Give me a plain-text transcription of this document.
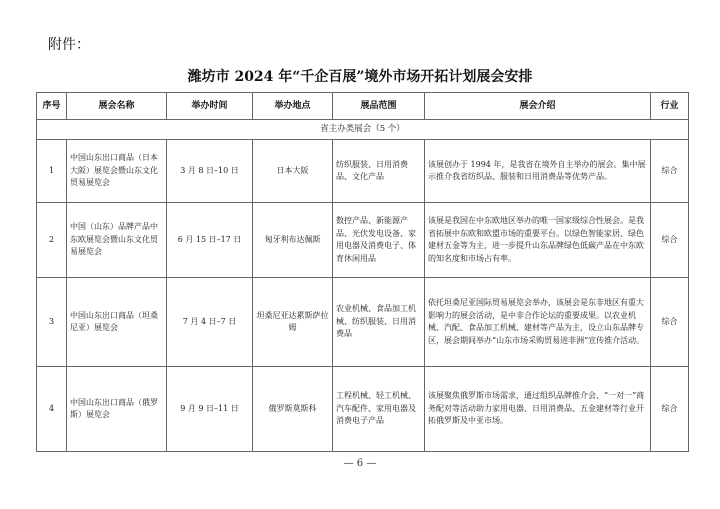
附件：
潍坊市 2024 年“千企百展”境外市场开拓计划展会安排
序号	展会名称	举办时间	举办地点	展品范围	展会介绍	行业
省主办类展会（5 个）						
1	中国山东出口商品（日本大阪）展览会暨山东文化贸易展览会	3 月 8 日–10 日	日本大阪	纺织服装、日用消费品、文化产品	该展创办于 1994 年，是我省在境外自主举办的展会。集中展示推介我省纺织品、服装和日用消费品等优势产品。	综合
2	中国（山东）品牌产品中东欧展览会暨山东文化贸易展览会	6 月 15 日–17 日	匈牙利布达佩斯	数控产品、新能源产品、光伏发电设备、家用电器及消费电子、体育休闲用品	该展是我国在中东欧地区举办的唯一国家级综合性展会。是我省拓展中东欧和欧盟市场的重要平台。以绿色智能家居、绿色建材五金等为主，进一步提升山东品牌绿色低碳产品在中东欧的知名度和市场占有率。	综合
3	中国山东出口商品（坦桑尼亚）展览会	7 月 4 日–7 日	坦桑尼亚达累斯萨拉姆	农业机械、食品加工机械、纺织服装、日用消费品	依托坦桑尼亚国际贸易展览会举办，该展会是东非地区有重大影响力的展会活动，是中非合作论坛的重要成果。以农业机械、汽配、食品加工机械、建材等产品为主，设立山东品牌专区，展会期间举办“山东市场采购贸易进非洲”宣传推介活动。	综合
4	中国山东出口商品（俄罗斯）展览会	9 月 9 日–11 日	俄罗斯莫斯科	工程机械、轻工机械、汽车配件、家用电器及消费电子产品	该展聚焦俄罗斯市场需求，通过组织品牌推介会、“一对一”商务配对等活动助力家用电器、日用消费品、五金建材等行业开拓俄罗斯及中亚市场。	综合
— 6 —
